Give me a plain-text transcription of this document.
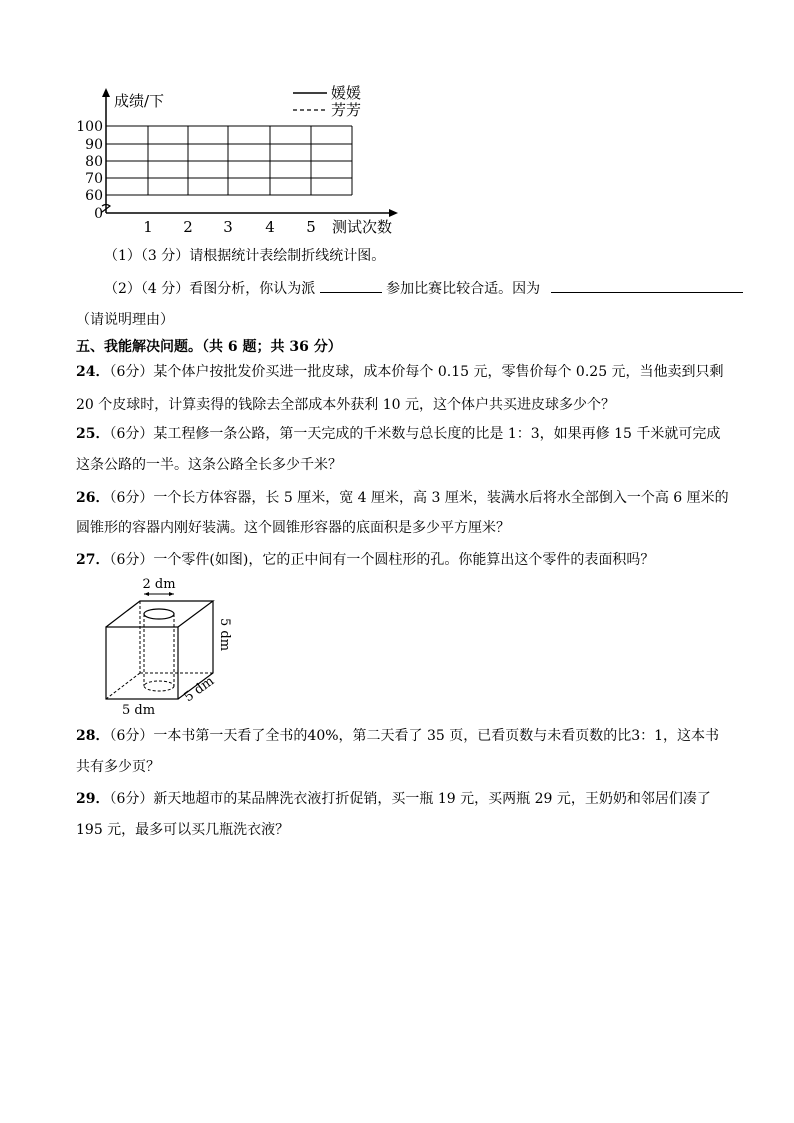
成绩/下
100
90
80
70
60
0
1 2 3 4 5 测试次数
媛媛
芳芳
（1）（3 分）请根据统计表绘制折线统计图。
（2）（4 分）看图分析，你认为派	参加比赛比较合适。因为
（请说明理由）
五、我能解决问题。（共 6 题；共 36 分）
24．（6分）某个体户按批发价买进一批皮球，成本价每个 0.15 元，零售价每个 0.25 元，当他卖到只剩
20 个皮球时，计算卖得的钱除去全部成本外获利 10 元，这个体户共买进皮球多少个？
25．（6分）某工程修一条公路，第一天完成的千米数与总长度的比是 1：3，如果再修 15 千米就可完成
这条公路的一半。这条公路全长多少千米？
26．（6分）一个长方体容器，长 5 厘米，宽 4 厘米，高 3 厘米，装满水后将水全部倒入一个高 6 厘米的
圆锥形的容器内刚好装满。这个圆锥形容器的底面积是多少平方厘米？
27．（6分）一个零件(如图)，它的正中间有一个圆柱形的孔。你能算出这个零件的表面积吗？
2 dm
5 dm
5 dm
5 dm
28．（6分）一本书第一天看了全书的40%，第二天看了 35 页，已看页数与未看页数的比3：1，这本书
共有多少页？
29．（6分）新天地超市的某品牌洗衣液打折促销，买一瓶 19 元，买两瓶 29 元，王奶奶和邻居们凑了
195 元，最多可以买几瓶洗衣液？
